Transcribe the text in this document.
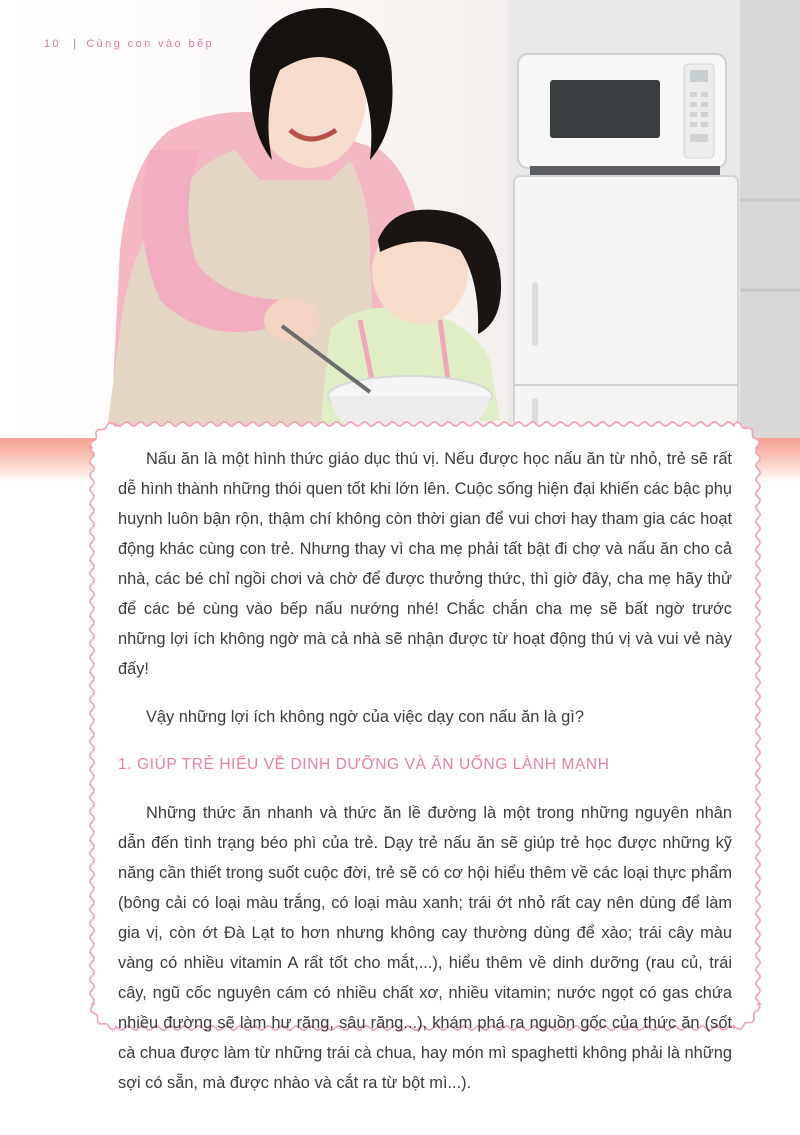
10 | Cùng con vào bếp

Nấu ăn là một hình thức giáo dục thú vị. Nếu được học nấu ăn từ nhỏ, trẻ sẽ rất dễ hình thành những thói quen tốt khi lớn lên. Cuộc sống hiện đại khiến các bậc phụ huynh luôn bận rộn, thậm chí không còn thời gian để vui chơi hay tham gia các hoạt động khác cùng con trẻ. Nhưng thay vì cha mẹ phải tất bật đi chợ và nấu ăn cho cả nhà, các bé chỉ ngồi chơi và chờ để được thưởng thức, thì giờ đây, cha mẹ hãy thử để các bé cùng vào bếp nấu nướng nhé! Chắc chắn cha mẹ sẽ bất ngờ trước những lợi ích không ngờ mà cả nhà sẽ nhận được từ hoạt động thú vị và vui vẻ này đấy!

Vậy những lợi ích không ngờ của việc dạy con nấu ăn là gì?

1. GIÚP TRẺ HIỂU VỀ DINH DƯỠNG VÀ ĂN UỐNG LÀNH MẠNH

Những thức ăn nhanh và thức ăn lề đường là một trong những nguyên nhân dẫn đến tình trạng béo phì của trẻ. Dạy trẻ nấu ăn sẽ giúp trẻ học được những kỹ năng cần thiết trong suốt cuộc đời, trẻ sẽ có cơ hội hiểu thêm về các loại thực phẩm (bông cải có loại màu trắng, có loại màu xanh; trái ớt nhỏ rất cay nên dùng để làm gia vị, còn ớt Đà Lạt to hơn nhưng không cay thường dùng để xào; trái cây màu vàng có nhiều vitamin A rất tốt cho mắt,...), hiểu thêm về dinh dưỡng (rau củ, trái cây, ngũ cốc nguyên cám có nhiều chất xơ, nhiều vitamin; nước ngọt có gas chứa nhiều đường sẽ làm hư răng, sâu răng...), khám phá ra nguồn gốc của thức ăn (sốt cà chua được làm từ những trái cà chua, hay món mì spaghetti không phải là những sợi có sẵn, mà được nhào và cắt ra từ bột mì...).
